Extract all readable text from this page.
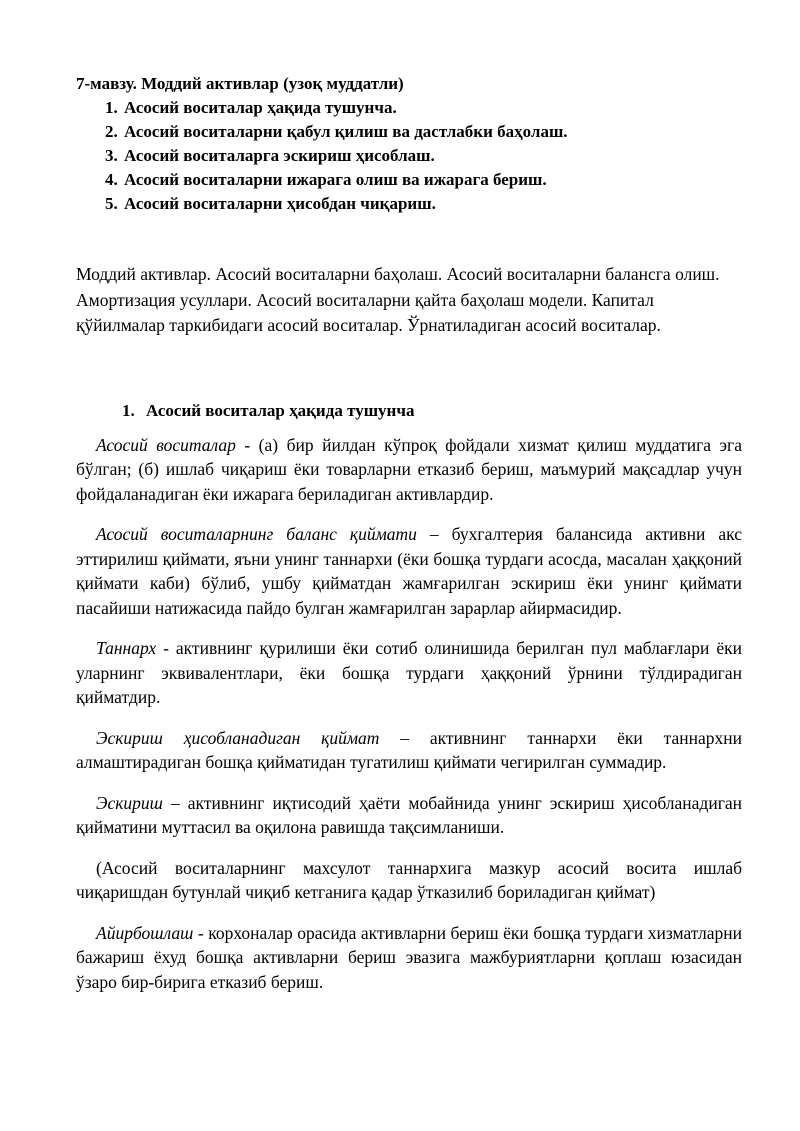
7-мавзу. Моддий активлар (узоқ муддатли)

1. Асосий воситалар ҳақида тушунча.
2. Асосий воситаларни қабул қилиш ва дастлабки баҳолаш.
3. Асосий воситаларга эскириш ҳисоблаш.
4. Асосий воситаларни ижарага олиш ва ижарага бериш.
5. Асосий воситаларни ҳисобдан чиқариш.

Моддий активлар. Асосий воситаларни баҳолаш. Асосий воситаларни балансга олиш. Амортизация усуллари. Асосий воситаларни қайта баҳолаш модели. Капитал қўйилмалар таркибидаги асосий воситалар. Ўрнатиладиган асосий воситалар.

1. Асосий воситалар ҳақида тушунча

Асосий воситалар - (а) бир йилдан кўпроқ фойдали хизмат қилиш муддатига эга бўлган; (б) ишлаб чиқариш ёки товарларни етказиб бериш, маъмурий мақсадлар учун фойдаланадиган ёки ижарага бериладиган активлардир.

Асосий воситаларнинг баланс қиймати – бухгалтерия балансида активни акс эттирилиш қиймати, яъни унинг таннархи (ёки бошқа турдаги асосда, масалан ҳаққоний қиймати каби) бўлиб, ушбу қийматдан жамғарилган эскириш ёки унинг қиймати пасайиши натижасида пайдо булган жамғарилган зарарлар айирмасидир.

Таннарх - активнинг қурилиши ёки сотиб олинишида берилган пул маблағлари ёки уларнинг эквивалентлари, ёки бошқа турдаги ҳаққоний ўрнини тўлдирадиган қийматдир.

Эскириш ҳисобланадиган қиймат – активнинг таннархи ёки таннархни алмаштирадиган бошқа қийматидан тугатилиш қиймати чегирилган суммадир.

Эскириш – активнинг иқтисодий ҳаёти мобайнида унинг эскириш ҳисобланадиган қийматини муттасил ва оқилона равишда тақсимланиши.

(Асосий воситаларнинг махсулот таннархига мазкур асосий восита ишлаб чиқаришдан бутунлай чиқиб кетганига қадар ўтказилиб бориладиган қиймат)

Айирбошлаш - корхоналар орасида активларни бериш ёки бошқа турдаги хизматларни бажариш ёхуд бошқа активларни бериш эвазига мажбуриятларни қоплаш юзасидан ўзаро бир-бирига етказиб бериш.
